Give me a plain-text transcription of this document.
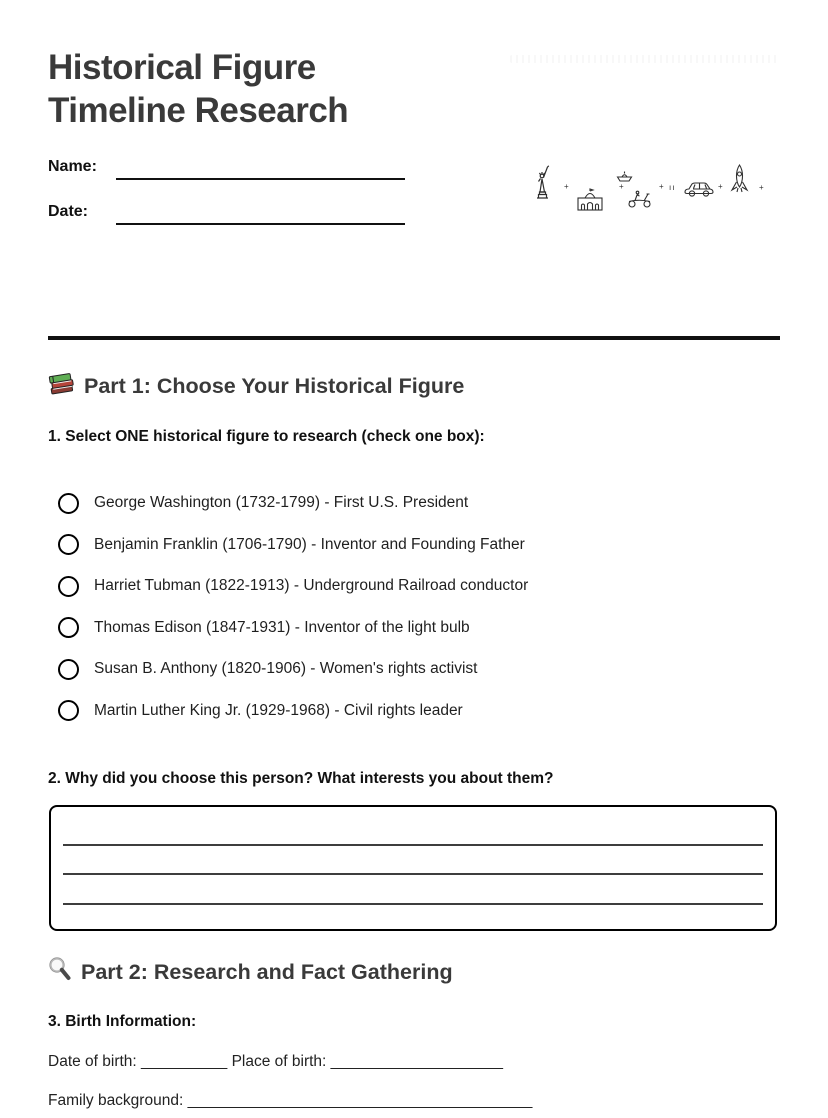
Historical Figure
Timeline Research
Name:
Date:
+	+	+ ıı	+	+
Part 1: Choose Your Historical Figure
1. Select ONE historical figure to research (check one box):
George Washington (1732-1799) - First U.S. President
Benjamin Franklin (1706-1790) - Inventor and Founding Father
Harriet Tubman (1822-1913) - Underground Railroad conductor
Thomas Edison (1847-1931) - Inventor of the light bulb
Susan B. Anthony (1820-1906) - Women's rights activist
Martin Luther King Jr. (1929-1968) - Civil rights leader
2. Why did you choose this person? What interests you about them?
Part 2: Research and Fact Gathering
3. Birth Information:
Date of birth: __________ Place of birth: ____________________
Family background: ________________________________________
